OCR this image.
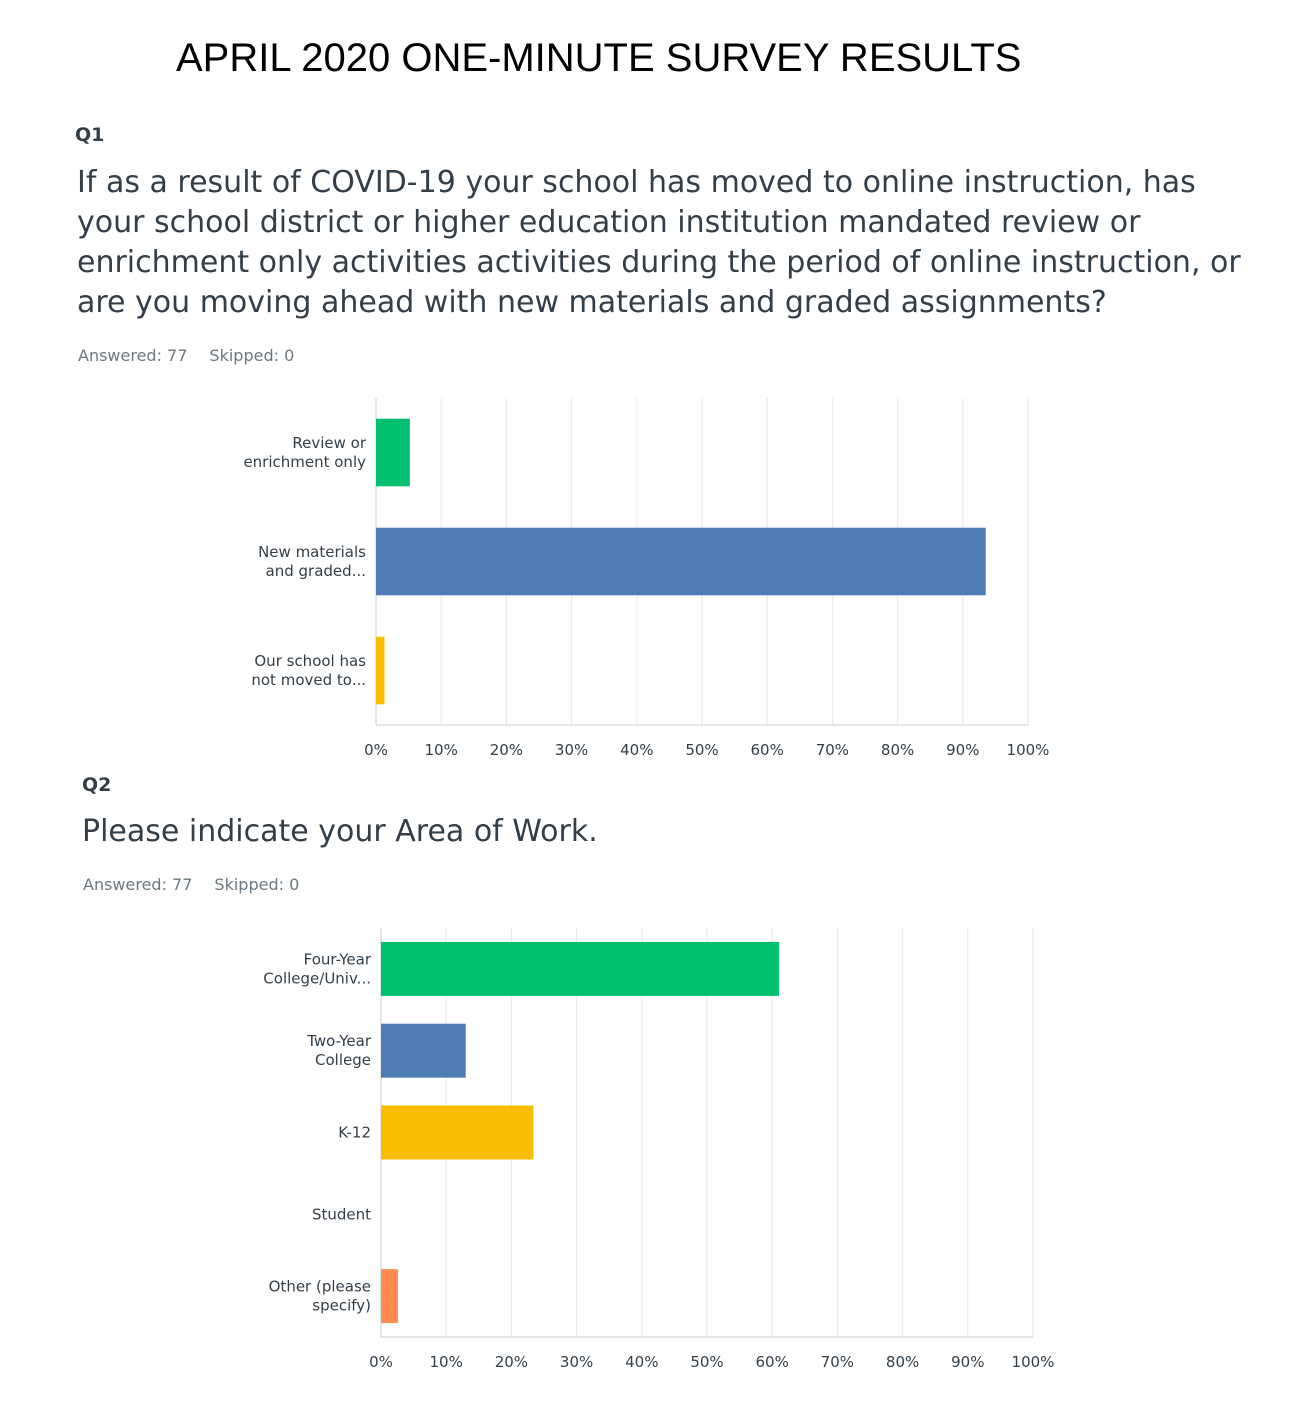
APRIL 2020 ONE-MINUTE SURVEY RESULTS
Q1

If as a result of COVID-19 your school has moved to online instruction, has your school district or higher education institution mandated review or enrichment only activities activities during the period of online instruction, or are you moving ahead with new materials and graded assignments?

Answered: 77 Skipped: 0
0% 10% 20% 30% 40% 50% 60% 70% 80% 90% 100%
Review or
enrichment only
New materials
and graded...
Our school has
not moved to...
Q2

Please indicate your Area of Work.

Answered: 77 Skipped: 0
0% 10% 20% 30% 40% 50% 60% 70% 80% 90% 100%
Four-Year
College/Univ...
Two-Year
College
K-12
Student
Other (please
specify)
